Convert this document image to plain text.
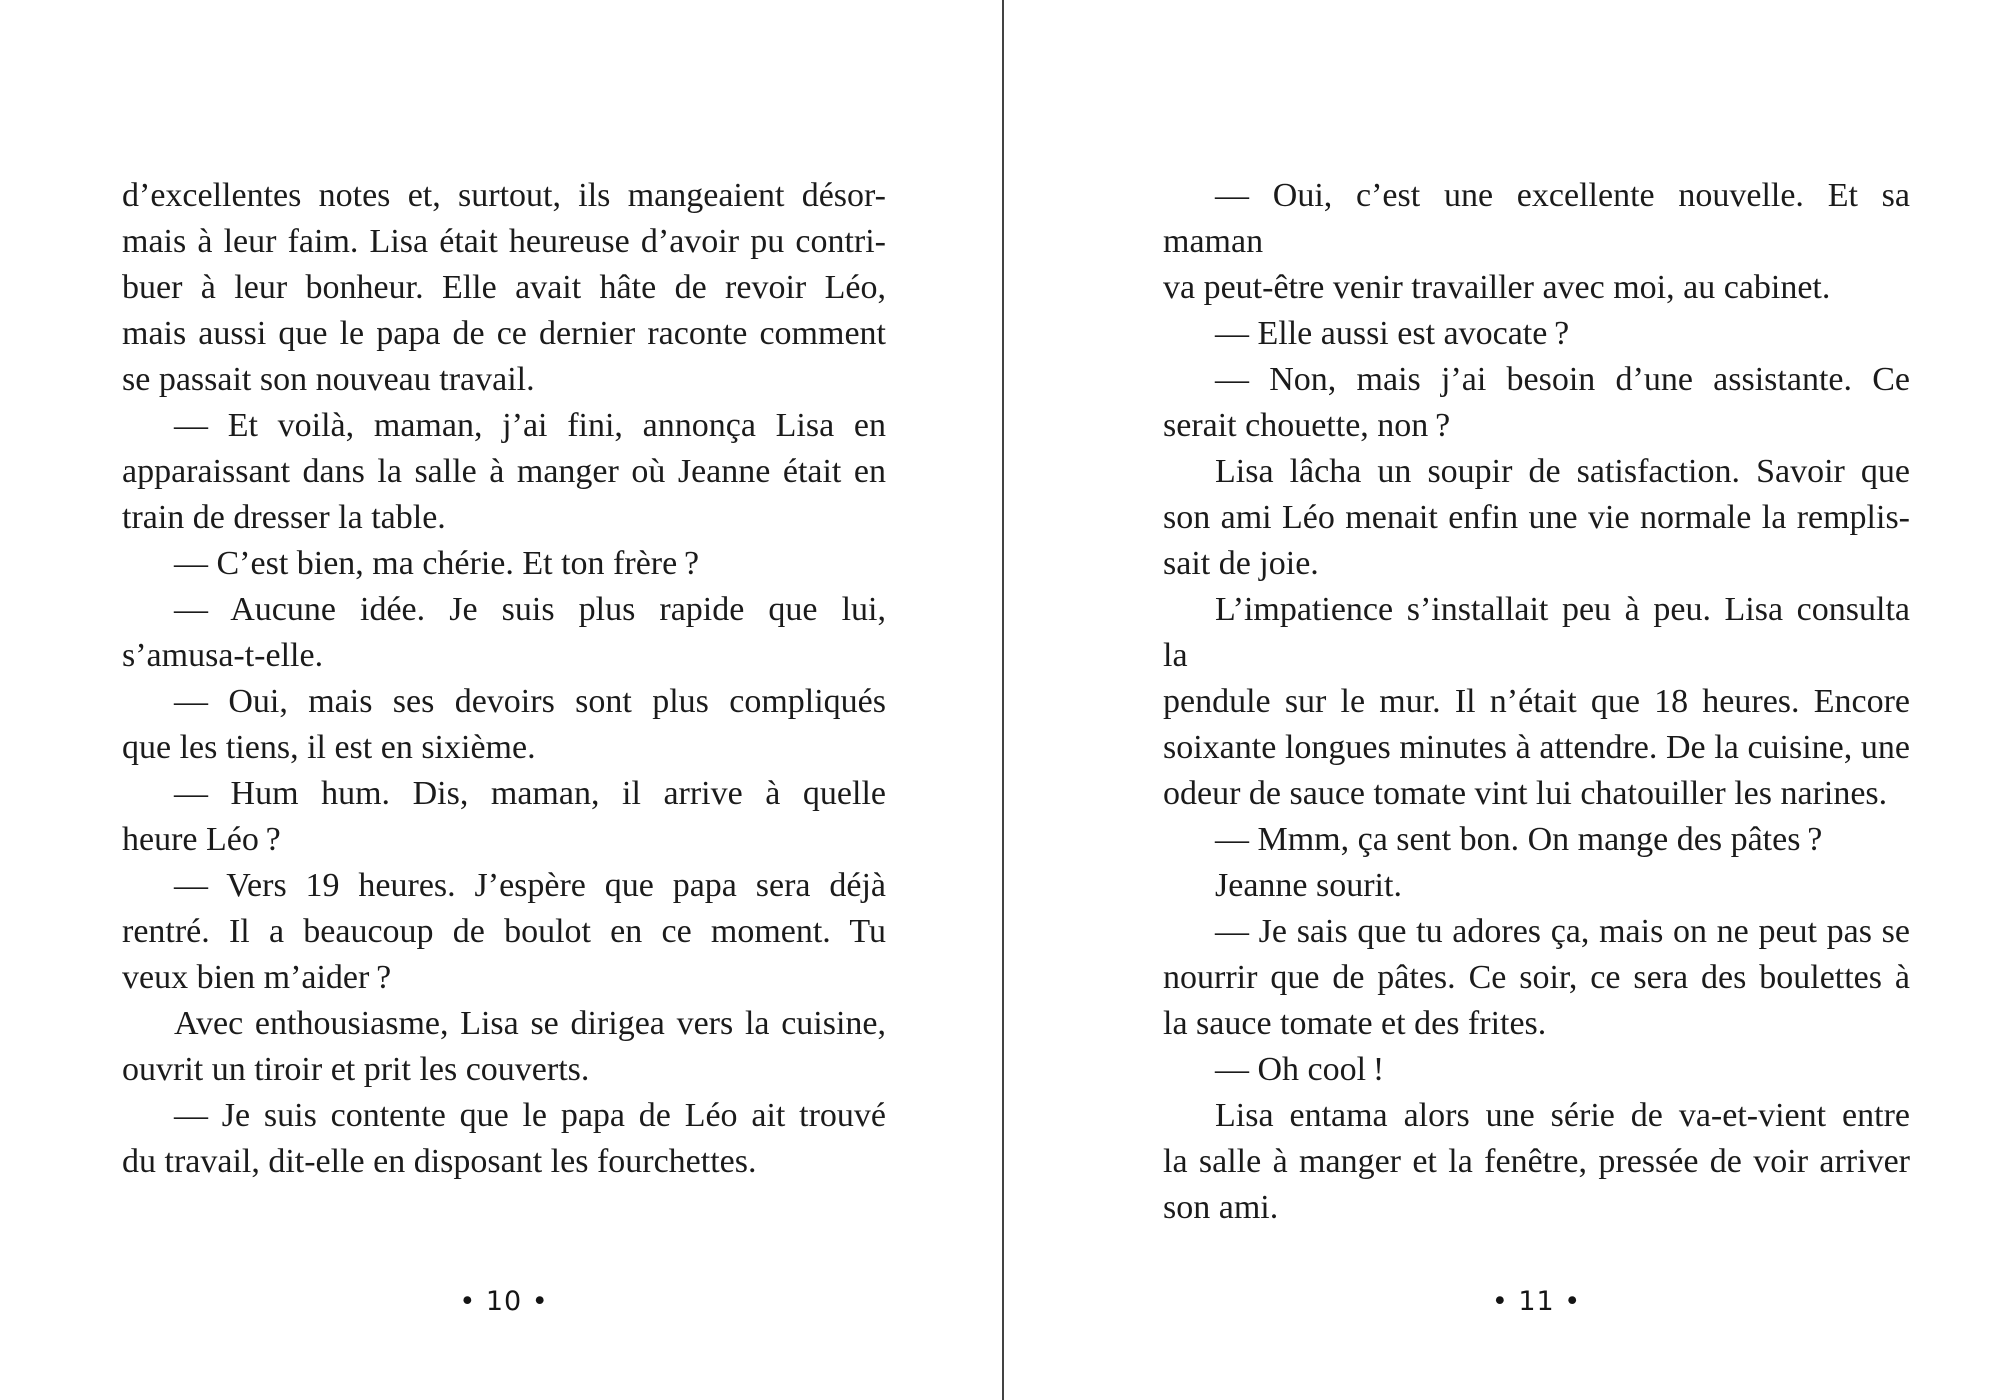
d’excellentes notes et, surtout, ils mangeaient désor-
mais à leur faim. Lisa était heureuse d’avoir pu contri-
buer à leur bonheur. Elle avait hâte de revoir Léo,
mais aussi que le papa de ce dernier raconte comment
se passait son nouveau travail.
— Et voilà, maman, j’ai fini, annonça Lisa en
apparaissant dans la salle à manger où Jeanne était en
train de dresser la table.
— C’est bien, ma chérie. Et ton frère ?
— Aucune idée. Je suis plus rapide que lui,
s’amusa-t-elle.
— Oui, mais ses devoirs sont plus compliqués
que les tiens, il est en sixième.
— Hum hum. Dis, maman, il arrive à quelle
heure Léo ?
— Vers 19 heures. J’espère que papa sera déjà
rentré. Il a beaucoup de boulot en ce moment. Tu
veux bien m’aider ?
Avec enthousiasme, Lisa se dirigea vers la cuisine,
ouvrit un tiroir et prit les couverts.
— Je suis contente que le papa de Léo ait trouvé
du travail, dit-elle en disposant les fourchettes.
— Oui, c’est une excellente nouvelle. Et sa maman
va peut-être venir travailler avec moi, au cabinet.
— Elle aussi est avocate ?
— Non, mais j’ai besoin d’une assistante. Ce
serait chouette, non ?
Lisa lâcha un soupir de satisfaction. Savoir que
son ami Léo menait enfin une vie normale la remplis-
sait de joie.
L’impatience s’installait peu à peu. Lisa consulta la
pendule sur le mur. Il n’était que 18 heures. Encore
soixante longues minutes à attendre. De la cuisine, une
odeur de sauce tomate vint lui chatouiller les narines.
— Mmm, ça sent bon. On mange des pâtes ?
Jeanne sourit.
— Je sais que tu adores ça, mais on ne peut pas se
nourrir que de pâtes. Ce soir, ce sera des boulettes à
la sauce tomate et des frites.
— Oh cool !
Lisa entama alors une série de va-et-vient entre
la salle à manger et la fenêtre, pressée de voir arriver
son ami.
• 10 •	• 11 •
